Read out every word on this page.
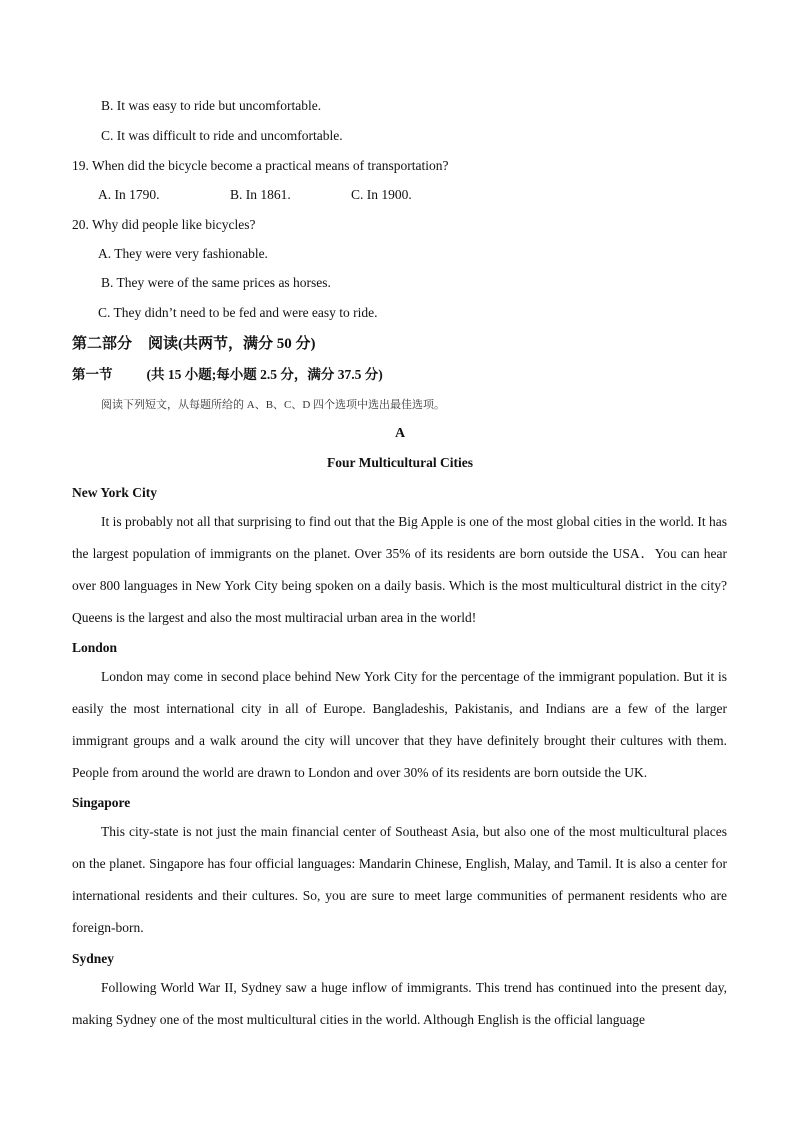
B. It was easy to ride but uncomfortable.
C. It was difficult to ride and uncomfortable.
19. When did the bicycle become a practical means of transportation?
A. In 1790.	B. In 1861.	C. In 1900.
20. Why did people like bicycles?
A. They were very fashionable.
B. They were of the same prices as horses.
C. They didn’t need to be fed and were easy to ride.
第二部分 阅读(共两节，满分 50 分)
第一节	(共 15 小题;每小题 2.5 分，满分 37.5 分)
阅读下列短文，从每题所给的 A、B、C、D 四个选项中选出最佳选项。
A
Four Multicultural Cities
New York City
It is probably not all that surprising to find out that the Big Apple is one of the most global cities in the world. It has the largest population of immigrants on the planet. Over 35% of its residents are born outside the USA．You can hear over 800 languages in New York City being spoken on a daily basis. Which is the most multicultural district in the city? Queens is the largest and also the most multiracial urban area in the world!
London
London may come in second place behind New York City for the percentage of the immigrant population. But it is easily the most international city in all of Europe. Bangladeshis, Pakistanis, and Indians are a few of the larger immigrant groups and a walk around the city will uncover that they have definitely brought their cultures with them. People from around the world are drawn to London and over 30% of its residents are born outside the UK.
Singapore
This city-state is not just the main financial center of Southeast Asia, but also one of the most multicultural places on the planet. Singapore has four official languages: Mandarin Chinese, English, Malay, and Tamil. It is also a center for international residents and their cultures. So, you are sure to meet large communities of permanent residents who are foreign-born.
Sydney
Following World War II, Sydney saw a huge inflow of immigrants. This trend has continued into the present day, making Sydney one of the most multicultural cities in the world. Although English is the official language
